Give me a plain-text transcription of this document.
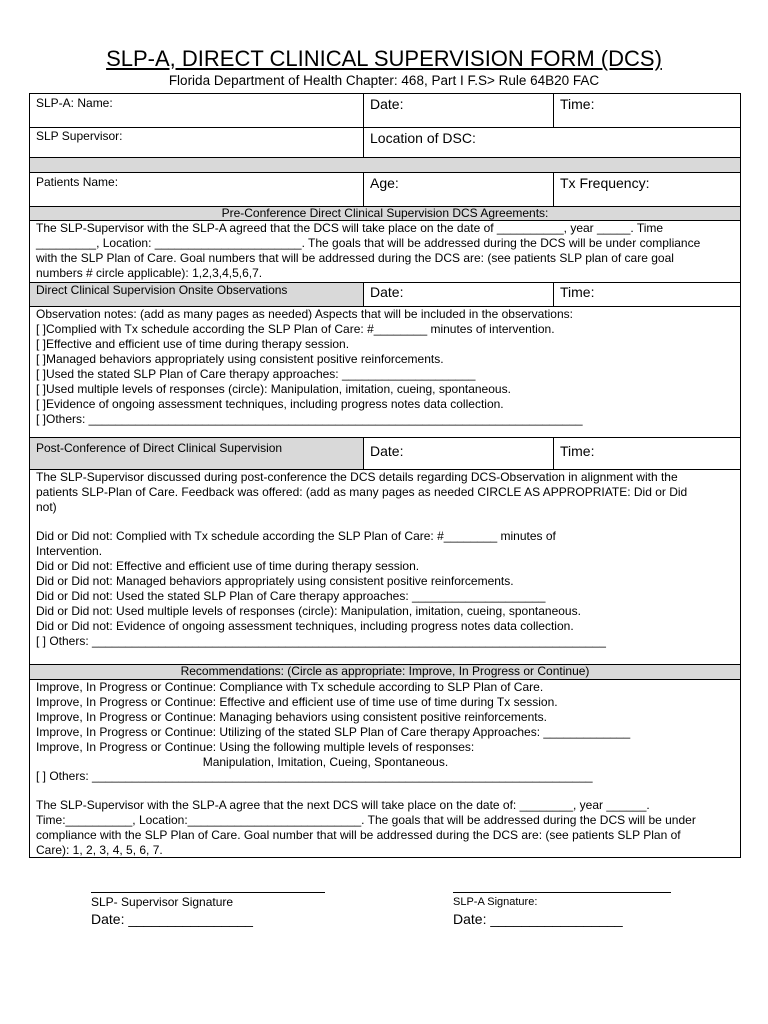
SLP-A, DIRECT CLINICAL SUPERVISION FORM (DCS)
Florida Department of Health Chapter: 468, Part I F.S> Rule 64B20 FAC
SLP-A: Name:	Date:	Time:
SLP Supervisor:	Location of DSC:
Patients Name:	Age:	Tx Frequency:
Pre-Conference Direct Clinical Supervision DCS Agreements:
The SLP-Supervisor with the SLP-A agreed that the DCS will take place on the date of __________, year _____. Time
_________, Location: ______________________. The goals that will be addressed during the DCS will be under compliance
with the SLP Plan of Care. Goal numbers that will be addressed during the DCS are: (see patients SLP plan of care goal
numbers # circle applicable): 1,2,3,4,5,6,7.
Direct Clinical Supervision Onsite Observations	Date:	Time:
Observation notes: (add as many pages as needed) Aspects that will be included in the observations:
[ ]Complied with Tx schedule according the SLP Plan of Care: #________ minutes of intervention.
[ ]Effective and efficient use of time during therapy session.
[ ]Managed behaviors appropriately using consistent positive reinforcements.
[ ]Used the stated SLP Plan of Care therapy approaches: ____________________
[ ]Used multiple levels of responses (circle): Manipulation, imitation, cueing, spontaneous.
[ ]Evidence of ongoing assessment techniques, including progress notes data collection.
[ ]Others: __________________________________________________________________________
Post-Conference of Direct Clinical Supervision	Date:	Time:
The SLP-Supervisor discussed during post-conference the DCS details regarding DCS-Observation in alignment with the
patients SLP-Plan of Care. Feedback was offered: (add as many pages as needed CIRCLE AS APPROPRIATE: Did or Did
not)
Did or Did not: Complied with Tx schedule according the SLP Plan of Care: #________ minutes of
Intervention.
Did or Did not: Effective and efficient use of time during therapy session.
Did or Did not: Managed behaviors appropriately using consistent positive reinforcements.
Did or Did not: Used the stated SLP Plan of Care therapy approaches: ____________________
Did or Did not: Used multiple levels of responses (circle): Manipulation, imitation, cueing, spontaneous.
Did or Did not: Evidence of ongoing assessment techniques, including progress notes data collection.
[ ] Others: _____________________________________________________________________________
Recommendations: (Circle as appropriate: Improve, In Progress or Continue)
Improve, In Progress or Continue: Compliance with Tx schedule according to SLP Plan of Care.
Improve, In Progress or Continue: Effective and efficient use of time use of time during Tx session.
Improve, In Progress or Continue: Managing behaviors using consistent positive reinforcements.
Improve, In Progress or Continue: Utilizing of the stated SLP Plan of Care therapy Approaches: _____________
Improve, In Progress or Continue: Using the following multiple levels of responses:
Manipulation, Imitation, Cueing, Spontaneous.
[ ] Others: ___________________________________________________________________________
The SLP-Supervisor with the SLP-A agree that the next DCS will take place on the date of: ________, year ______.
Time:__________, Location:__________________________. The goals that will be addressed during the DCS will be under
compliance with the SLP Plan of Care. Goal number that will be addressed during the DCS are: (see patients SLP Plan of
Care): 1, 2, 3, 4, 5, 6, 7.
SLP- Supervisor Signature
Date: ________________
SLP-A Signature:
Date: _________________
